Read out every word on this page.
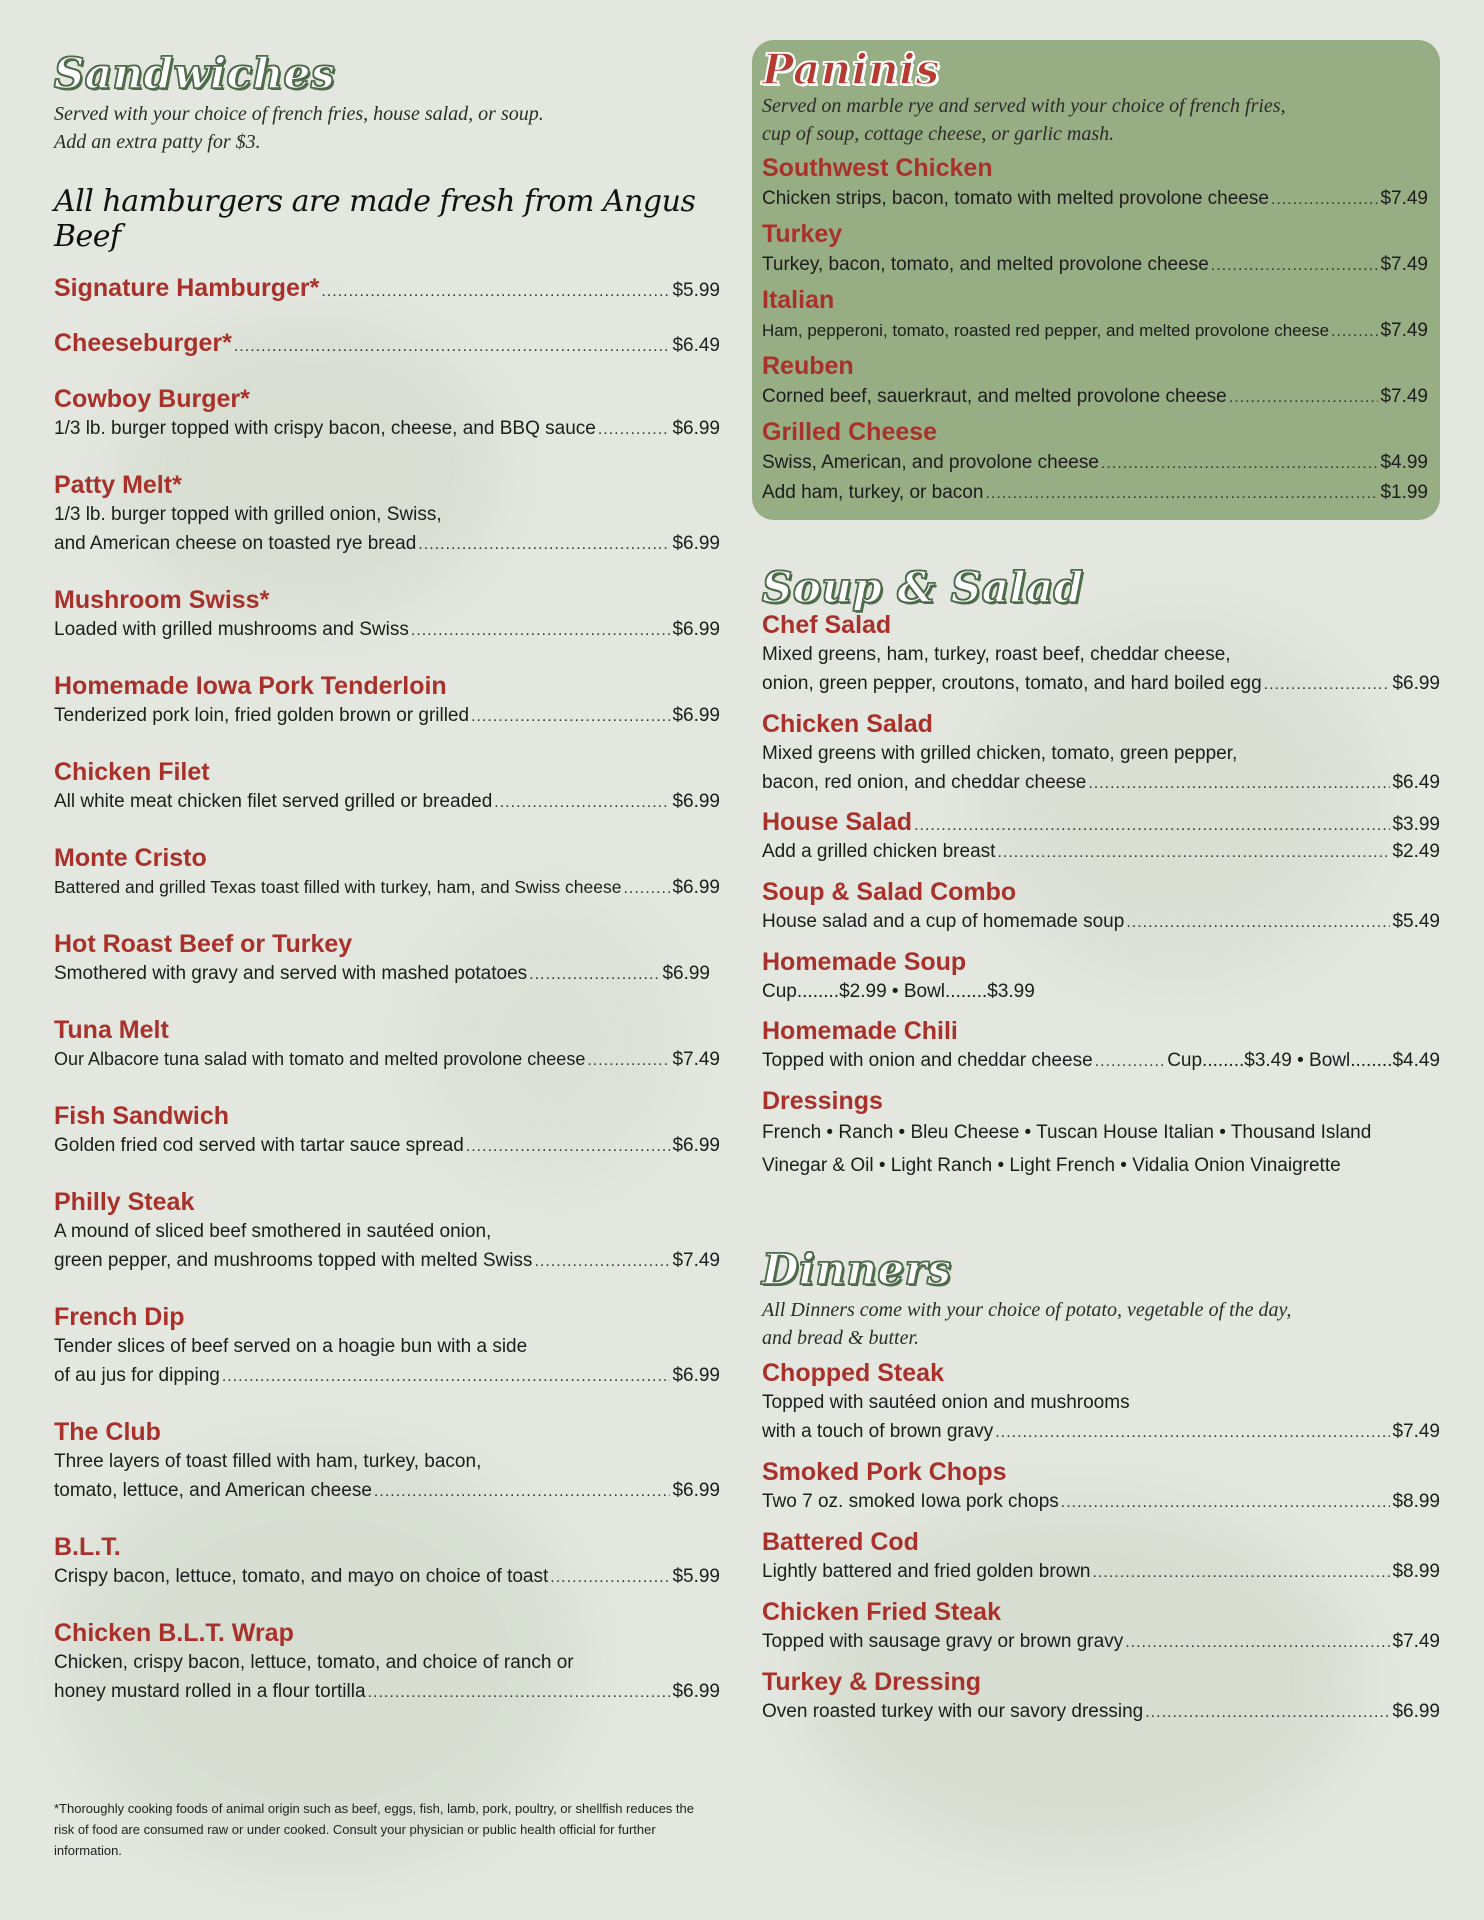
Sandwiches
Served with your choice of french fries, house salad, or soup.
Add an extra patty for $3.
All hamburgers are made fresh from Angus Beef
Signature Hamburger* .....	$5.99
Cheeseburger* .....	$6.49
Cowboy Burger*
1/3 lb. burger topped with crispy bacon, cheese, and BBQ sauce .....	$6.99
Patty Melt*
1/3 lb. burger topped with grilled onion, Swiss,
and American cheese on toasted rye bread .....	$6.99
Mushroom Swiss*
Loaded with grilled mushrooms and Swiss .....	$6.99
Homemade Iowa Pork Tenderloin
Tenderized pork loin, fried golden brown or grilled .....	$6.99
Chicken Filet
All white meat chicken filet served grilled or breaded .....	$6.99
Monte Cristo
Battered and grilled Texas toast filled with turkey, ham, and Swiss cheese .....	$6.99
Hot Roast Beef or Turkey
Smothered with gravy and served with mashed potatoes .....	$6.99
Tuna Melt
Our Albacore tuna salad with tomato and melted provolone cheese .....	$7.49
Fish Sandwich
Golden fried cod served with tartar sauce spread .....	$6.99
Philly Steak
A mound of sliced beef smothered in sautéed onion,
green pepper, and mushrooms topped with melted Swiss .....	$7.49
French Dip
Tender slices of beef served on a hoagie bun with a side
of au jus for dipping .....	$6.99
The Club
Three layers of toast filled with ham, turkey, bacon,
tomato, lettuce, and American cheese .....	$6.99
B.L.T.
Crispy bacon, lettuce, tomato, and mayo on choice of toast .....	$5.99
Chicken B.L.T. Wrap
Chicken, crispy bacon, lettuce, tomato, and choice of ranch or
honey mustard rolled in a flour tortilla .....	$6.99
*Thoroughly cooking foods of animal origin such as beef, eggs, fish, lamb, pork, poultry, or shellfish reduces the risk of food are consumed raw or under cooked. Consult your physician or public health official for further information.
Paninis
Served on marble rye and served with your choice of french fries,
cup of soup, cottage cheese, or garlic mash.
Southwest Chicken
Chicken strips, bacon, tomato with melted provolone cheese .....	$7.49
Turkey
Turkey, bacon, tomato, and melted provolone cheese .....	$7.49
Italian
Ham, pepperoni, tomato, roasted red pepper, and melted provolone cheese .....	$7.49
Reuben
Corned beef, sauerkraut, and melted provolone cheese .....	$7.49
Grilled Cheese
Swiss, American, and provolone cheese .....	$4.99
Add ham, turkey, or bacon .....	$1.99
Soup & Salad
Chef Salad
Mixed greens, ham, turkey, roast beef, cheddar cheese,
onion, green pepper, croutons, tomato, and hard boiled egg .....	$6.99
Chicken Salad
Mixed greens with grilled chicken, tomato, green pepper,
bacon, red onion, and cheddar cheese .....	$6.49
House Salad .....	$3.99
Add a grilled chicken breast .....	$2.49
Soup & Salad Combo
House salad and a cup of homemade soup .....	$5.49
Homemade Soup
Cup........$2.99 • Bowl........$3.99
Homemade Chili
Topped with onion and cheddar cheese .....	Cup........$3.49 • Bowl........$4.49
Dressings
French • Ranch • Bleu Cheese • Tuscan House Italian • Thousand Island
Vinegar & Oil • Light Ranch • Light French • Vidalia Onion Vinaigrette
Dinners
All Dinners come with your choice of potato, vegetable of the day,
and bread & butter.
Chopped Steak
Topped with sautéed onion and mushrooms
with a touch of brown gravy .....	$7.49
Smoked Pork Chops
Two 7 oz. smoked Iowa pork chops .....	$8.99
Battered Cod
Lightly battered and fried golden brown .....	$8.99
Chicken Fried Steak
Topped with sausage gravy or brown gravy .....	$7.49
Turkey & Dressing
Oven roasted turkey with our savory dressing .....	$6.99
